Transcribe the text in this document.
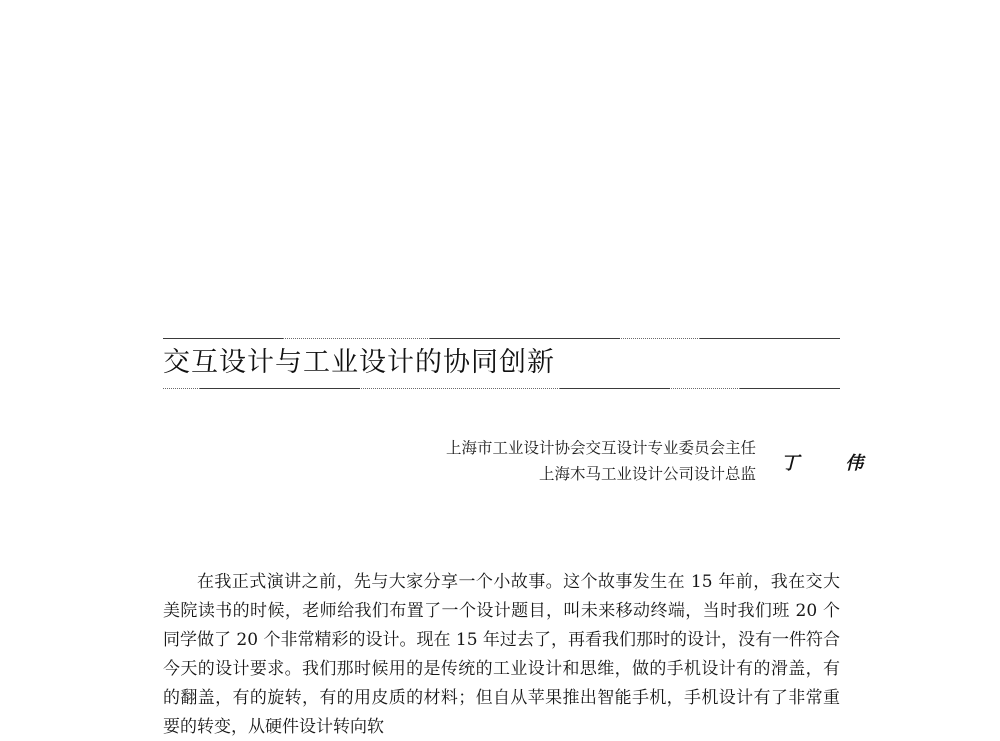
交互设计与工业设计的协同创新
上海市工业设计协会交互设计专业委员会主任
上海木马工业设计公司设计总监 丁 伟

在我正式演讲之前，先与大家分享一个小故事。这个故事发生在 15 年前，我在交大美院读书的时候，老师给我们布置了一个设计题目，叫未来移动终端，当时我们班 20 个同学做了 20 个非常精彩的设计。现在 15 年过去了，再看我们那时的设计，没有一件符合今天的设计要求。我们那时候用的是传统的工业设计和思维，做的手机设计有的滑盖，有的翻盖，有的旋转，有的用皮质的材料；但自从苹果推出智能手机，手机设计有了非常重要的转变，从硬件设计转向软
